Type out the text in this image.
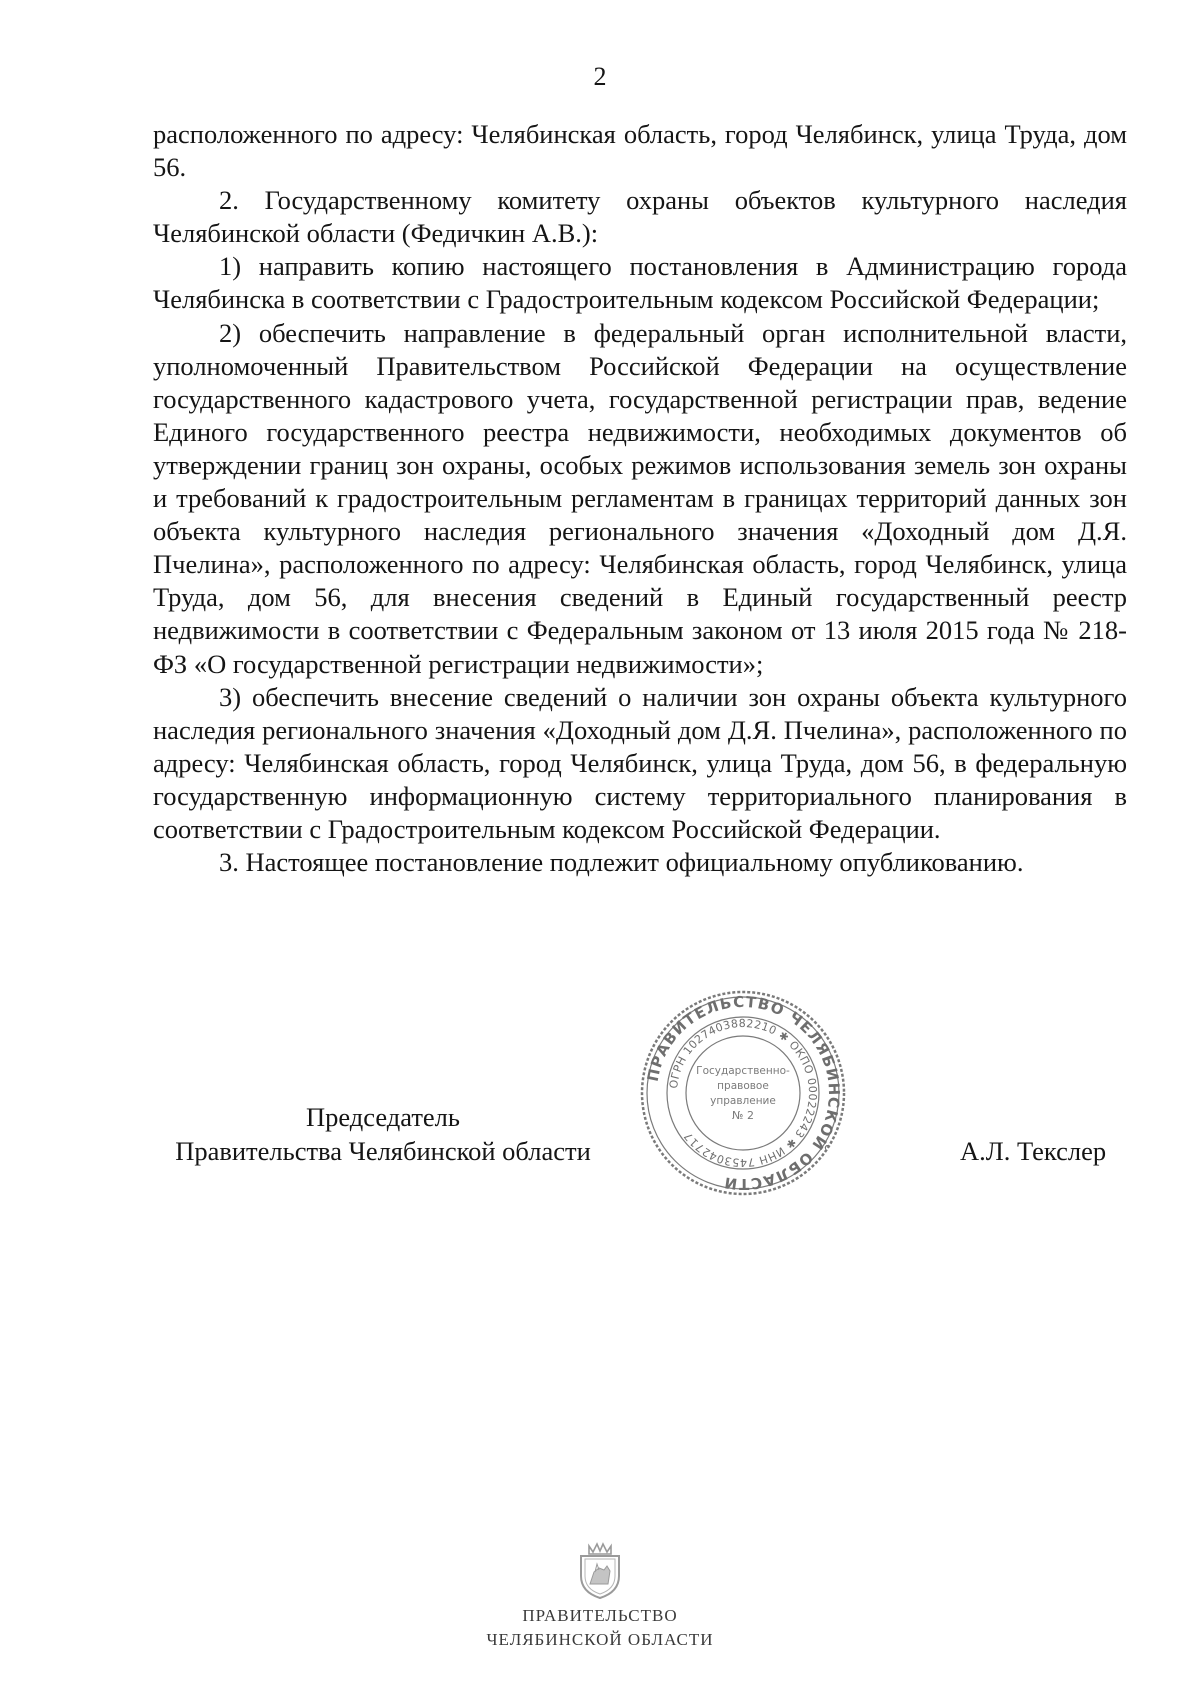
2

расположенного по адресу: Челябинская область, город Челябинск, улица Труда, дом 56.

2. Государственному комитету охраны объектов культурного наследия Челябинской области (Федичкин А.В.):

1) направить копию настоящего постановления в Администрацию города Челябинска в соответствии с Градостроительным кодексом Российской Федерации;

2) обеспечить направление в федеральный орган исполнительной власти, уполномоченный Правительством Российской Федерации на осуществление государственного кадастрового учета, государственной регистрации прав, ведение Единого государственного реестра недвижимости, необходимых документов об утверждении границ зон охраны, особых режимов использования земель зон охраны и требований к градостроительным регламентам в границах территорий данных зон объекта культурного наследия регионального значения «Доходный дом Д.Я. Пчелина», расположенного по адресу: Челябинская область, город Челябинск, улица Труда, дом 56, для внесения сведений в Единый государственный реестр недвижимости в соответствии с Федеральным законом от 13 июля 2015 года № 218-ФЗ «О государственной регистрации недвижимости»;

3) обеспечить внесение сведений о наличии зон охраны объекта культурного наследия регионального значения «Доходный дом Д.Я. Пчелина», расположенного по адресу: Челябинская область, город Челябинск, улица Труда, дом 56, в федеральную государственную информационную систему территориального планирования в соответствии с Градостроительным кодексом Российской Федерации.

3. Настоящее постановление подлежит официальному опубликованию.

Председатель
Правительства Челябинской области
ПРАВИТЕЛЬСТВО ЧЕЛЯБИНСКОЙ ОБЛАСТИ
ОГРН 1027403882210 ✱ ОКПО 00022243 ✱ ИНН 7453042717
Государственно-
правовое
управление
№ 2
А.Л. Текслер
ПРАВИТЕЛЬСТВО
ЧЕЛЯБИНСКОЙ ОБЛАСТИ
